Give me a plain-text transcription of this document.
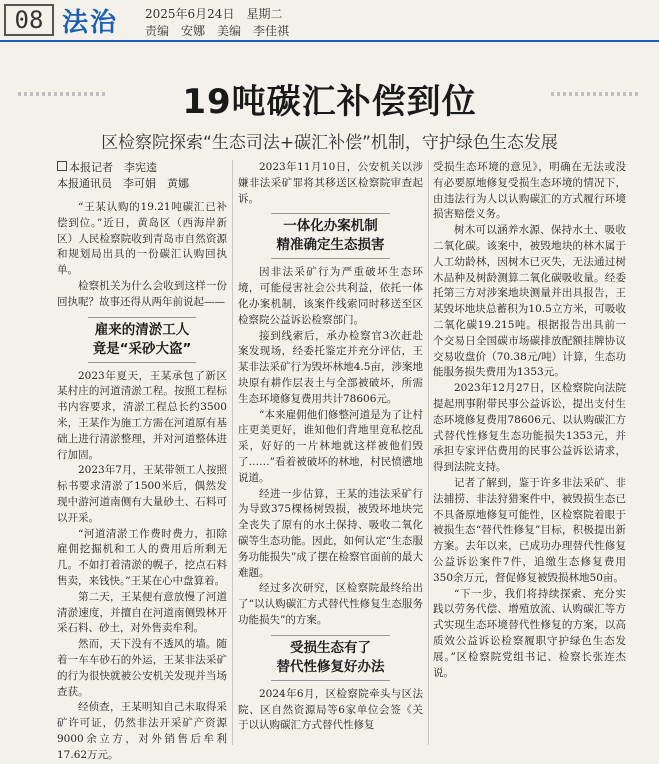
08 法治 2025年6月24日　星期二
责编　安娜　美编　李佳祺
19吨碳汇补偿到位
区检察院探索“生态司法+碳汇补偿”机制，守护绿色生态发展
本报记者　李宪逵
本报通讯员　李可娟　黄娜

“王某认购的19.21吨碳汇已补偿到位。”近日，黄岛区（西海岸新区）人民检察院收到青岛市自然资源和规划局出具的一份碳汇认购回执单。

检察机关为什么会收到这样一份回执呢？故事还得从两年前说起——

雇来的清淤工人
竟是“采砂大盗”

2023年夏天，王某承包了新区某村庄的河道清淤工程。按照工程标书内容要求，清淤工程总长约3500米，王某作为施工方需在河道原有基础上进行清淤整理，并对河道整体进行加固。

2023年7月，王某带领工人按照标书要求清淤了1500米后，偶然发现中游河道南侧有大量砂土、石料可以开采。

“河道清淤工作费时费力，扣除雇佣挖掘机和工人的费用后所剩无几。不如打着清淤的幌子，挖点石料售卖，来钱快。”王某在心中盘算着。

第二天，王某便有意放慢了河道清淤速度，并擅自在河道南侧毁林开采石料、砂土，对外售卖牟利。

然而，天下没有不透风的墙。随着一车车砂石的外运，王某非法采矿的行为很快就被公安机关发现并当场查获。

经侦查，王某明知自己未取得采矿许可证，仍然非法开采矿产资源9000余立方，对外销售后牟利17.62万元。

2023年11月10日，公安机关以涉嫌非法采矿罪将其移送区检察院审查起诉。

一体化办案机制
精准确定生态损害

因非法采矿行为严重破坏生态环境，可能侵害社会公共利益，依托一体化办案机制，该案件线索同时移送至区检察院公益诉讼检察部门。

接到线索后，承办检察官3次赶赴案发现场，经委托鉴定并充分评估，王某非法采矿行为毁坏林地4.5亩，涉案地块原有耕作层表土与全部被破坏，所需生态环境修复费用共计78606元。

“本来雇佣他们修整河道是为了让村庄更美更好，谁知他们背地里竟私挖乱采，好好的一片林地就这样被他们毁了……”看着被破坏的林地，村民愤懑地说道。

经进一步估算，王某的违法采矿行为导致375棵杨树毁损，被毁坏地块完全丧失了原有的水土保持、吸收二氧化碳等生态功能。因此，如何认定“生态服务功能损失”成了摆在检察官面前的最大难题。

经过多次研究，区检察院最终给出了“以认购碳汇方式替代性修复生态服务功能损失”的方案。

受损生态有了
替代性修复好办法

2024年6月，区检察院牵头与区法院、区自然资源局等6家单位会签《关于以认购碳汇方式替代性修复

受损生态环境的意见》，明确在无法或没有必要原地修复受损生态环境的情况下，由违法行为人以认购碳汇的方式履行环境损害赔偿义务。

树木可以涵养水源、保持水土、吸收二氧化碳。该案中，被毁地块的林木属于人工幼龄林，因树木已灭失，无法通过树木品种及树龄测算二氧化碳吸收量。经委托第三方对涉案地块测量并出具报告，王某毁坏地块总蓄积为10.5立方米，可吸收二氧化碳19.215吨。根据报告出具前一个交易日全国碳市场碳排放配额挂牌协议交易收盘价（70.38元/吨）计算，生态功能服务损失费用为1353元。

2023年12月27日，区检察院向法院提起刑事附带民事公益诉讼，提出支付生态环境修复费用78606元、以认购碳汇方式替代性修复生态功能损失1353元，并承担专家评估费用的民事公益诉讼请求，得到法院支持。

记者了解到，鉴于许多非法采矿、非法捕捞、非法狩猎案件中，被毁损生态已不具备原地修复可能性，区检察院着眼于被损生态“替代性修复”目标，积极提出新方案。去年以来，已成功办理替代性修复公益诉讼案件7件，追缴生态修复费用350余万元，督促修复被毁损林地50亩。

“下一步，我们将持续探索、充分实践以劳务代偿、增殖放流、认购碳汇等方式实现生态环境替代性修复的方案，以高质效公益诉讼检察履职守护绿色生态发展。”区检察院党组书记、检察长张连杰说。
